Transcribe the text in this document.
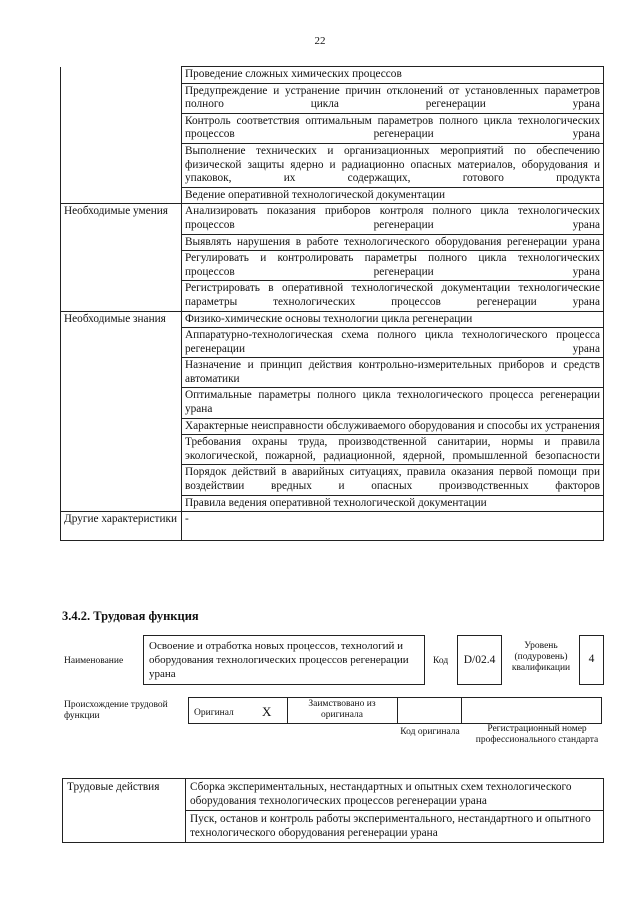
22

	Проведение сложных химических процессов

	Предупреждение и устранение причин отклонений от установленных параметров полного цикла регенерации урана

	Контроль соответствия оптимальным параметров полного цикла технологических процессов регенерации урана

	Выполнение технических и организационных мероприятий по обеспечению физической защиты ядерно и радиационно опасных материалов, оборудования и упаковок, их содержащих, готового продукта

	Ведение оперативной технологической документации

Необходимые умения	Анализировать показания приборов контроля полного цикла технологических процессов регенерации урана

	Выявлять нарушения в работе технологического оборудования регенерации урана

	Регулировать и контролировать параметры полного цикла технологических процессов регенерации урана

	Регистрировать в оперативной технологической документации технологические параметры технологических процессов регенерации урана

Необходимые знания	Физико-химические основы технологии цикла регенерации

	Аппаратурно-технологическая схема полного цикла технологического процесса регенерации урана

	Назначение и принцип действия контрольно-измерительных приборов и средств автоматики

	Оптимальные параметры полного цикла технологического процесса регенерации урана

	Характерные неисправности обслуживаемого оборудования и способы их устранения

	Требования охраны труда, производственной санитарии, нормы и правила экологической, пожарной, радиационной, ядерной, промышленной безопасности

	Порядок действий в аварийных ситуациях, правила оказания первой помощи при воздействии вредных и опасных производственных факторов

	Правила ведения оперативной технологической документации

Другие характеристики	-
3.4.2. Трудовая функция
Наименование
Освоение и отработка новых процессов, технологий и оборудования технологических процессов регенерации урана
Код	D/02.4
Уровень (подуровень) квалификации
4
Происхождение трудовой функции	Оригинал X	Заимствовано из оригинала
Код оригинала	Регистрационный номер профессионального стандарта
Трудовые действия	Сборка экспериментальных, нестандартных и опытных схем технологического оборудования технологических процессов регенерации урана

Пуск, останов и контроль работы экспериментального, нестандартного и опытного технологического оборудования регенерации урана
